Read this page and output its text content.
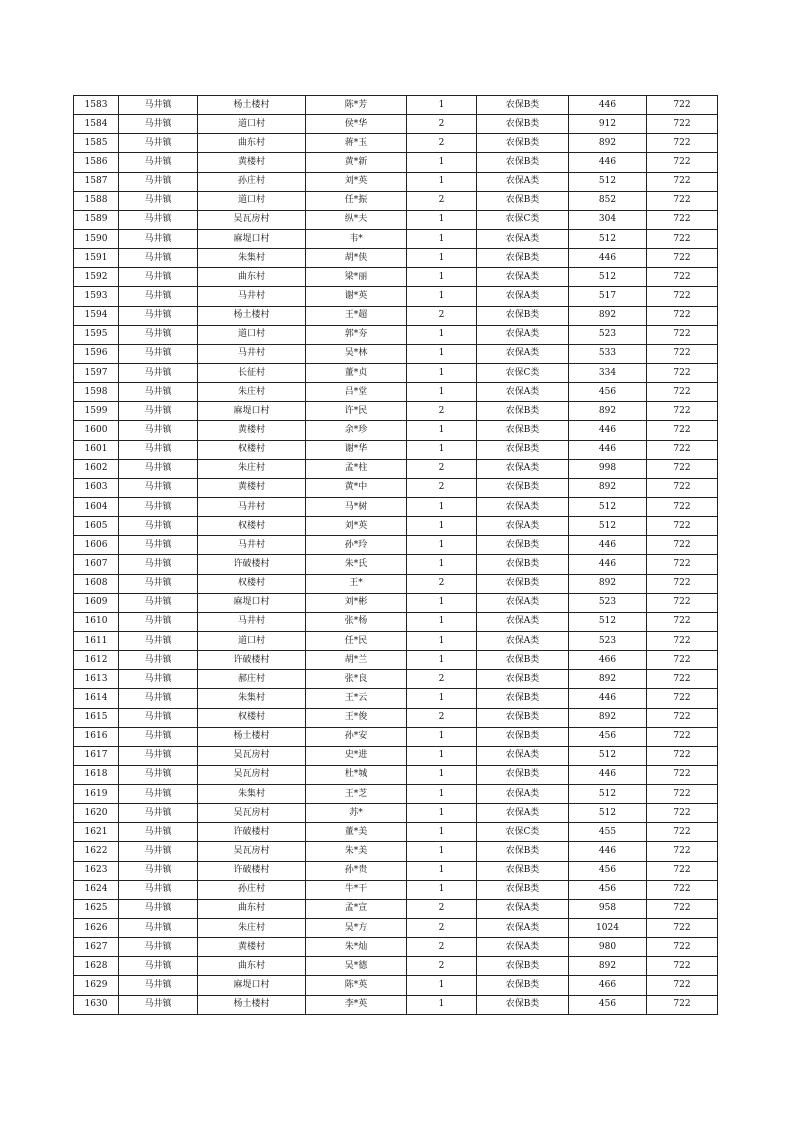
1583	马井镇	杨土楼村	陈*芳	1	农保B类	446	722
1584	马井镇	道口村	侯*华	2	农保B类	912	722
1585	马井镇	曲东村	蒋*玉	2	农保B类	892	722
1586	马井镇	黄楼村	黄*新	1	农保B类	446	722
1587	马井镇	孙庄村	刘*英	1	农保A类	512	722
1588	马井镇	道口村	任*振	2	农保B类	852	722
1589	马井镇	吴瓦房村	纵*夫	1	农保C类	304	722
1590	马井镇	麻堤口村	韦*	1	农保A类	512	722
1591	马井镇	朱集村	胡*侠	1	农保B类	446	722
1592	马井镇	曲东村	梁*丽	1	农保A类	512	722
1593	马井镇	马井村	谢*英	1	农保A类	517	722
1594	马井镇	杨土楼村	王*超	2	农保B类	892	722
1595	马井镇	道口村	郭*夯	1	农保A类	523	722
1596	马井镇	马井村	吴*林	1	农保A类	533	722
1597	马井镇	长征村	董*贞	1	农保C类	334	722
1598	马井镇	朱庄村	吕*堂	1	农保A类	456	722
1599	马井镇	麻堤口村	许*民	2	农保B类	892	722
1600	马井镇	黄楼村	余*珍	1	农保B类	446	722
1601	马井镇	权楼村	谢*华	1	农保B类	446	722
1602	马井镇	朱庄村	孟*柱	2	农保A类	998	722
1603	马井镇	黄楼村	黄*中	2	农保B类	892	722
1604	马井镇	马井村	马*树	1	农保A类	512	722
1605	马井镇	权楼村	刘*英	1	农保A类	512	722
1606	马井镇	马井村	孙*玲	1	农保B类	446	722
1607	马井镇	许破楼村	朱*氏	1	农保B类	446	722
1608	马井镇	权楼村	王*	2	农保B类	892	722
1609	马井镇	麻堤口村	刘*彬	1	农保A类	523	722
1610	马井镇	马井村	张*杨	1	农保A类	512	722
1611	马井镇	道口村	任*民	1	农保A类	523	722
1612	马井镇	许破楼村	胡*兰	1	农保B类	466	722
1613	马井镇	郝庄村	张*良	2	农保B类	892	722
1614	马井镇	朱集村	王*云	1	农保B类	446	722
1615	马井镇	权楼村	王*俊	2	农保B类	892	722
1616	马井镇	杨土楼村	孙*安	1	农保B类	456	722
1617	马井镇	吴瓦房村	史*进	1	农保A类	512	722
1618	马井镇	吴瓦房村	杜*城	1	农保B类	446	722
1619	马井镇	朱集村	王*芝	1	农保A类	512	722
1620	马井镇	吴瓦房村	苏*	1	农保A类	512	722
1621	马井镇	许破楼村	董*美	1	农保C类	455	722
1622	马井镇	吴瓦房村	朱*美	1	农保B类	446	722
1623	马井镇	许破楼村	孙*贵	1	农保B类	456	722
1624	马井镇	孙庄村	牛*干	1	农保B类	456	722
1625	马井镇	曲东村	孟*宣	2	农保A类	958	722
1626	马井镇	朱庄村	吴*方	2	农保A类	1024	722
1627	马井镇	黄楼村	朱*灿	2	农保A类	980	722
1628	马井镇	曲东村	吴*德	2	农保B类	892	722
1629	马井镇	麻堤口村	陈*英	1	农保B类	466	722
1630	马井镇	杨土楼村	李*英	1	农保B类	456	722
